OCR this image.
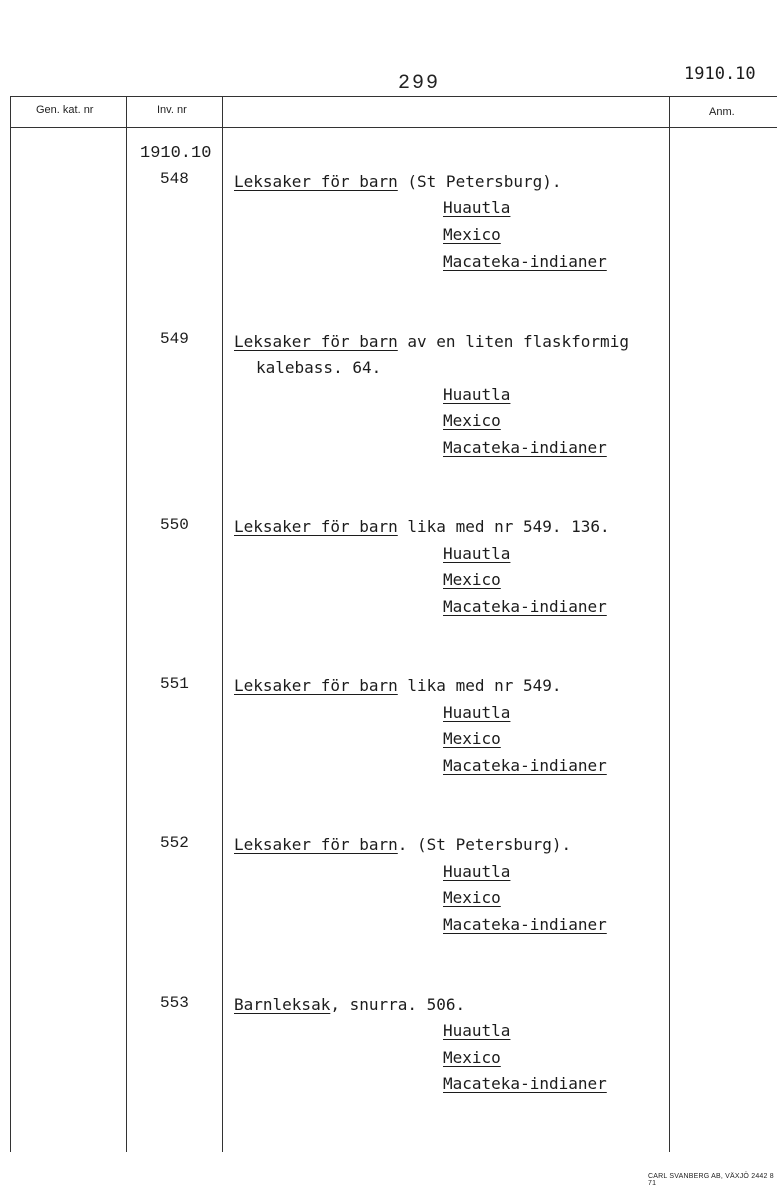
299	1910.10
Gen. kat. nr	Inv. nr	Anm.
1910.10
548	Leksaker för barn (St Petersburg).
Huautla
Mexico
Macateka-indianer
549	Leksaker för barn av en liten flaskformig
kalebass. 64.
Huautla
Mexico
Macateka-indianer
550	Leksaker för barn lika med nr 549. 136.
Huautla
Mexico
Macateka-indianer
551	Leksaker för barn lika med nr 549.
Huautla
Mexico
Macateka-indianer
552	Leksaker för barn. (St Petersburg).
Huautla
Mexico
Macateka-indianer
553	Barnleksak, snurra. 506.
Huautla
Mexico
Macateka-indianer
CARL SVANBERG AB, VÄXJÖ 2442 8 71
